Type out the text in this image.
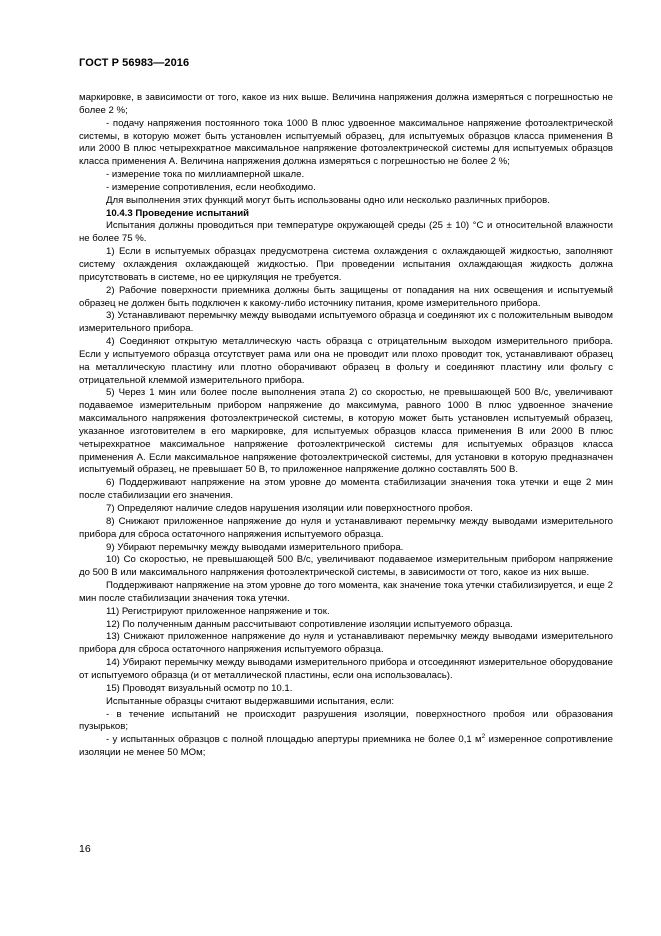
ГОСТ Р 56983—2016

маркировке, в зависимости от того, какое из них выше. Величина напряжения должна измеряться с погрешностью не более 2 %;

- подачу напряжения постоянного тока 1000 В плюс удвоенное максимальное напряжение фотоэлектрической системы, в которую может быть установлен испытуемый образец, для испытуемых образцов класса применения В или 2000 В плюс четырехкратное максимальное напряжение фотоэлектрической системы для испытуемых образцов класса применения А. Величина напряжения должна измеряться с погрешностью не более 2 %;

- измерение тока по миллиамперной шкале.

- измерение сопротивления, если необходимо.

Для выполнения этих функций могут быть использованы одно или несколько различных приборов.

10.4.3 Проведение испытаний

Испытания должны проводиться при температуре окружающей среды (25 ± 10) °С и относительной влажности не более 75 %.

1) Если в испытуемых образцах предусмотрена система охлаждения с охлаждающей жидкостью, заполняют систему охлаждения охлаждающей жидкостью. При проведении испытания охлаждающая жидкость должна присутствовать в системе, но ее циркуляция не требуется.

2) Рабочие поверхности приемника должны быть защищены от попадания на них освещения и испытуемый образец не должен быть подключен к какому-либо источнику питания, кроме измерительного прибора.

3) Устанавливают перемычку между выводами испытуемого образца и соединяют их с положительным выводом измерительного прибора.

4) Соединяют открытую металлическую часть образца с отрицательным выходом измерительного прибора. Если у испытуемого образца отсутствует рама или она не проводит или плохо проводит ток, устанавливают образец на металлическую пластину или плотно оборачивают образец в фольгу и соединяют пластину или фольгу с отрицательной клеммой измерительного прибора.

5) Через 1 мин или более после выполнения этапа 2) со скоростью, не превышающей 500 В/с, увеличивают подаваемое измерительным прибором напряжение до максимума, равного 1000 В плюс удвоенное значение максимального напряжения фотоэлектрической системы, в которую может быть установлен испытуемый образец, указанное изготовителем в его маркировке, для испытуемых образцов класса применения В или 2000 В плюс четырехкратное максимальное напряжение фотоэлектрической системы для испытуемых образцов класса применения А. Если максимальное напряжение фотоэлектрической системы, для установки в которую предназначен испытуемый образец, не превышает 50 В, то приложенное напряжение должно составлять 500 В.

6) Поддерживают напряжение на этом уровне до момента стабилизации значения тока утечки и еще 2 мин после стабилизации его значения.

7) Определяют наличие следов нарушения изоляции или поверхностного пробоя.

8) Снижают приложенное напряжение до нуля и устанавливают перемычку между выводами измерительного прибора для сброса остаточного напряжения испытуемого образца.

9) Убирают перемычку между выводами измерительного прибора.

10) Со скоростью, не превышающей 500 В/с, увеличивают подаваемое измерительным прибором напряжение до 500 В или максимального напряжения фотоэлектрической системы, в зависимости от того, какое из них выше.

Поддерживают напряжение на этом уровне до того момента, как значение тока утечки стабилизируется, и еще 2 мин после стабилизации значения тока утечки.

11) Регистрируют приложенное напряжение и ток.

12) По полученным данным рассчитывают сопротивление изоляции испытуемого образца.

13) Снижают приложенное напряжение до нуля и устанавливают перемычку между выводами измерительного прибора для сброса остаточного напряжения испытуемого образца.

14) Убирают перемычку между выводами измерительного прибора и отсоединяют измерительное оборудование от испытуемого образца (и от металлической пластины, если она использовалась).

15) Проводят визуальный осмотр по 10.1.

Испытанные образцы считают выдержавшими испытания, если:

- в течение испытаний не происходит разрушения изоляции, поверхностного пробоя или образования пузырьков;

- у испытанных образцов с полной площадью апертуры приемника не более 0,1 $м^2$ измеренное сопротивление изоляции не менее 50 МОм;

16
